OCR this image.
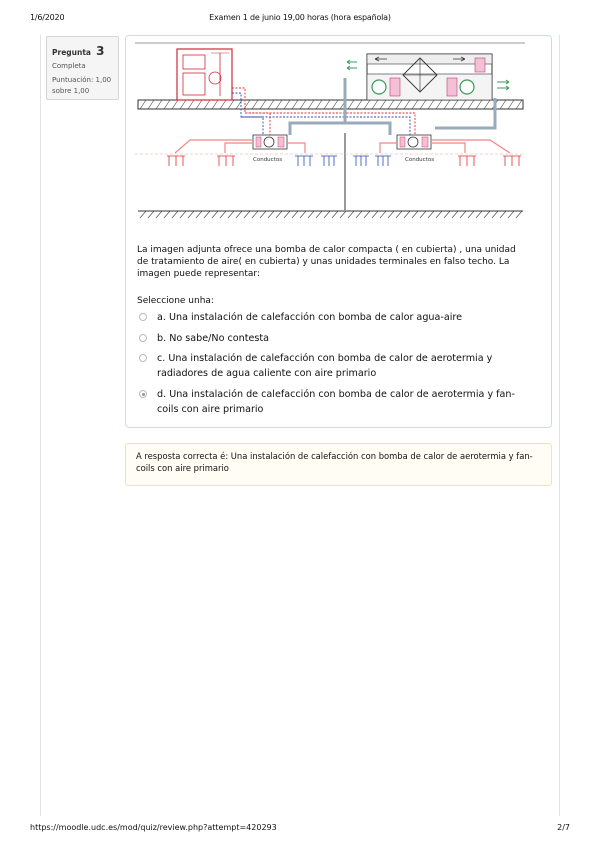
1/6/2020	Examen 1 de junio 19,00 horas (hora española)
Pregunta 3
Completa
Puntuación: 1,00
sobre 1,00
Conductos	Conductos
La imagen adjunta ofrece una bomba de calor compacta ( en cubierta) , una unidad de tratamiento de aire( en cubierta) y unas unidades terminales en falso techo. La imagen puede representar:
Seleccione unha:
a. Una instalación de calefacción con bomba de calor agua-aire
b. No sabe/No contesta
c. Una instalación de calefacción con bomba de calor de aerotermia y radiadores de agua caliente con aire primario
d. Una instalación de calefacción con bomba de calor de aerotermia y fan-coils con aire primario
A resposta correcta é: Una instalación de calefacción con bomba de calor de aerotermia y fan-coils con aire primario
https://moodle.udc.es/mod/quiz/review.php?attempt=420293	2/7
